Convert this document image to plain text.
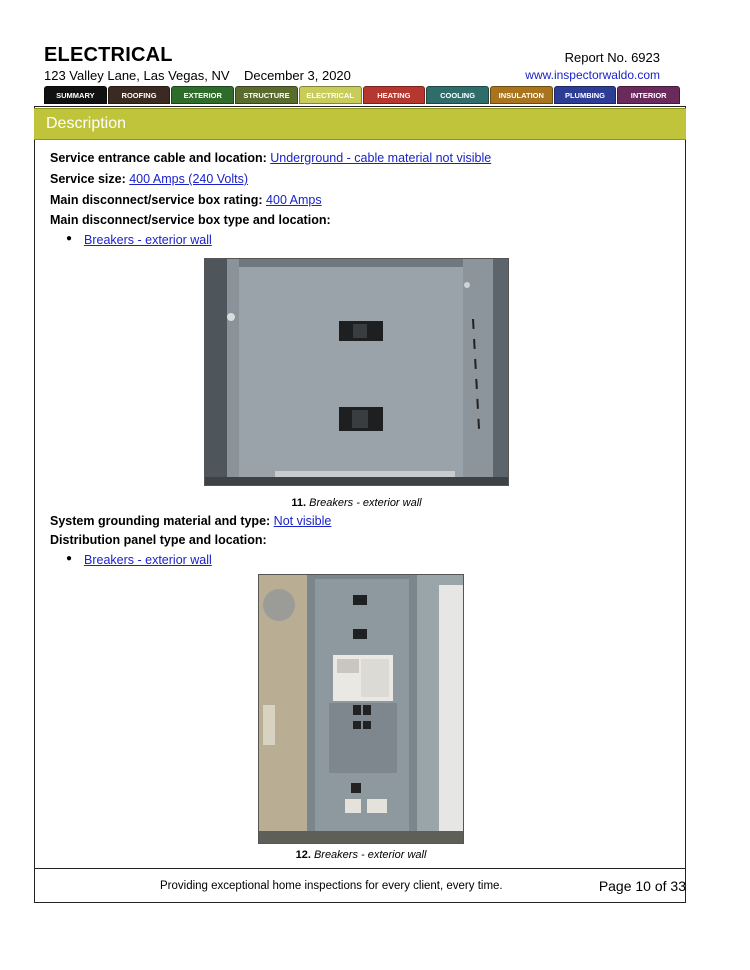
ELECTRICAL	Report No. 6923
123 Valley Lane, Las Vegas, NV    December 3, 2020	www.inspectorwaldo.com
SUMMARY	ROOFING	EXTERIOR	STRUCTURE	ELECTRICAL	HEATING	COOLING	INSULATION	PLUMBING	INTERIOR
Description
Service entrance cable and location: Underground - cable material not visible
Service size: 400 Amps (240 Volts)
Main disconnect/service box rating: 400 Amps
Main disconnect/service box type and location:
● Breakers - exterior wall
11. Breakers - exterior wall
System grounding material and type: Not visible
Distribution panel type and location:
● Breakers - exterior wall
12. Breakers - exterior wall
Providing exceptional home inspections for every client, every time.	Page 10 of 33
